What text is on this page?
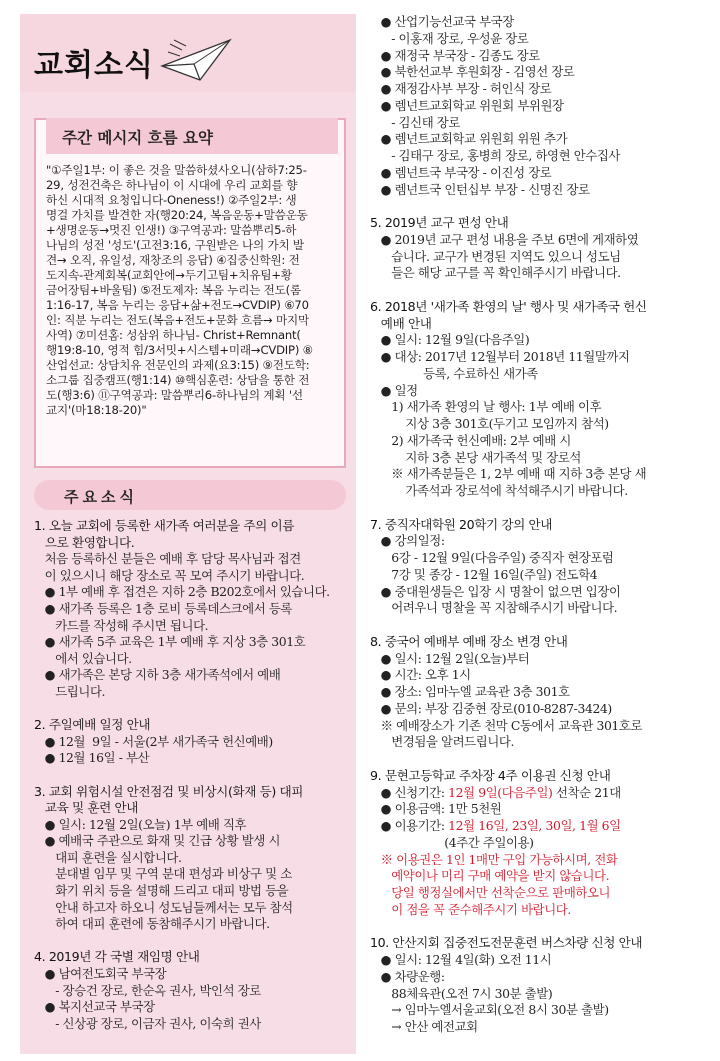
교회소식
주간 메시지 흐름 요약
"①주일1부: 이 좋은 것을 말씀하셨사오니(삼하7:25-
29, 성전건축은 하나님이 이 시대에 우리 교회를 향
하신 시대적 요청입니다-Oneness!) ②주일2부: 생
명걸 가치를 발견한 자(행20:24, 복음운동+말씀운동
+생명운동→멋진 인생!) ③구역공과: 말씀뿌리5-하
나님의 성전 '성도'(고전3:16, 구원받은 나의 가치 발
견→ 오직, 유일성, 재창조의 응답) ④집중신학원: 전
도지속-관계회복(교회안에→두기고팀+치유팀+황
금어장팀+바울팀) ⑤전도제자: 복음 누리는 전도(롬
1:16-17, 복음 누리는 응답+삶+전도→CVDIP) ⑥70
인: 직분 누리는 전도(복음+전도+문화 흐름→ 마지막
사역) ⑦미션홈: 성삼위 하나님- Christ+Remnant(
행19:8-10, 영적 힘/3서밋+시스템+미래→CVDIP) ⑧
산업선교: 상담치유 전문인의 과제(요3:15) ⑨전도학:
소그룹 집중캠프(행1:14) ⑩핵심훈련: 상담을 통한 전
도(행3:6) ⑪구역공과: 말씀뿌리6-하나님의 계획 '선
교지'(마18:18-20)"
주요소식
1. 오늘 교회에 등록한 새가족 여러분을 주의 이름
으로 환영합니다.
처음 등록하신 분들은 예배 후 담당 목사님과 접견
이 있으시니 해당 장소로 꼭 모여 주시기 바랍니다.
● 1부 예배 후 접견은 지하 2층 B202호에서 있습니다.
● 새가족 등록은 1층 로비 등록데스크에서 등록
카드를 작성해 주시면 됩니다.
● 새가족 5주 교육은 1부 예배 후 지상 3층 301호
에서 있습니다.
● 새가족은 본당 지하 3층 새가족석에서 예배
드립니다.
2. 주일예배 일정 안내
● 12월  9일 - 서울(2부 새가족국 헌신예배)
● 12월 16일 - 부산
3. 교회 위험시설 안전점검 및 비상시(화재 등) 대피
교육 및 훈련 안내
● 일시: 12월 2일(오늘) 1부 예배 직후
● 예배국 주관으로 화재 및 긴급 상황 발생 시
대피 훈련을 실시합니다.
분대별 임무 및 구역 분대 편성과 비상구 및 소
화기 위치 등을 설명해 드리고 대피 방법 등을
안내 하고자 하오니 성도님들께서는 모두 참석
하여 대피 훈련에 동참해주시기 바랍니다.
4. 2019년 각 국별 재임명 안내
● 남여전도회국 부국장
- 장승건 장로, 한순옥 권사, 박인석 장로
● 복지선교국 부국장
- 신상광 장로, 이금자 권사, 이숙희 권사
● 산업기능선교국 부국장
- 이홍재 장로, 우성윤 장로
● 재정국 부국장 - 김종도 장로
● 북한선교부 후원회장 - 김영선 장로
● 재정감사부 부장 - 허인식 장로
● 렘넌트교회학교 위원회 부위원장
- 김신태 장로
● 렘넌트교회학교 위원회 위원 추가
- 김태구 장로, 홍병희 장로, 하영현 안수집사
● 렘넌트국 부국장 - 이진성 장로
● 렘넌트국 인턴십부 부장 - 신명진 장로
5. 2019년 교구 편성 안내
● 2019년 교구 편성 내용을 주보 6면에 게재하였
습니다. 교구가 변경된 지역도 있으니 성도님
들은 해당 교구를 꼭 확인해주시기 바랍니다.
6. 2018년 '새가족 환영의 날' 행사 및 새가족국 헌신
예배 안내
● 일시: 12월 9일(다음주일)
● 대상: 2017년 12월부터 2018년 11월말까지
등록, 수료하신 새가족
● 일정
1) 새가족 환영의 날 행사: 1부 예배 이후
지상 3층 301호(두기고 모임까지 참석)
2) 새가족국 헌신예배: 2부 예배 시
지하 3층 본당 새가족석 및 장로석
※ 새가족분들은 1, 2부 예배 때 지하 3층 본당 새
가족석과 장로석에 착석해주시기 바랍니다.
7. 중직자대학원 20학기 강의 안내
● 강의일정:
6강 - 12월 9일(다음주일) 중직자 현장포럼
7강 및 종강 - 12월 16일(주일) 전도학4
● 중대원생들은 입장 시 명찰이 없으면 입장이
어려우니 명찰을 꼭 지참해주시기 바랍니다.
8. 중국어 예배부 예배 장소 변경 안내
● 일시: 12월 2일(오늘)부터
● 시간: 오후 1시
● 장소: 임마누엘 교육관 3층 301호
● 문의: 부장 김중현 장로(010-8287-3424)
※ 예배장소가 기존 천막 C동에서 교육관 301호로
변경됨을 알려드립니다.
9. 문현고등학교 주차장 4주 이용권 신청 안내
● 신청기간: 12월 9일(다음주일) 선착순 21대
● 이용금액: 1만 5천원
● 이용기간: 12월 16일, 23일, 30일, 1월 6일
(4주간 주일이용)
※ 이용권은 1인 1매만 구입 가능하시며, 전화
예약이나 미리 구매 예약을 받지 않습니다.
당일 행정실에서만 선착순으로 판매하오니
이 점을 꼭 준수해주시기 바랍니다.
10. 안산지회 집중전도전문훈련 버스차량 신청 안내
● 일시: 12월 4일(화) 오전 11시
● 차량운행:
88체육관(오전 7시 30분 출발)
→ 임마누엘서울교회(오전 8시 30분 출발)
→ 안산 예전교회
